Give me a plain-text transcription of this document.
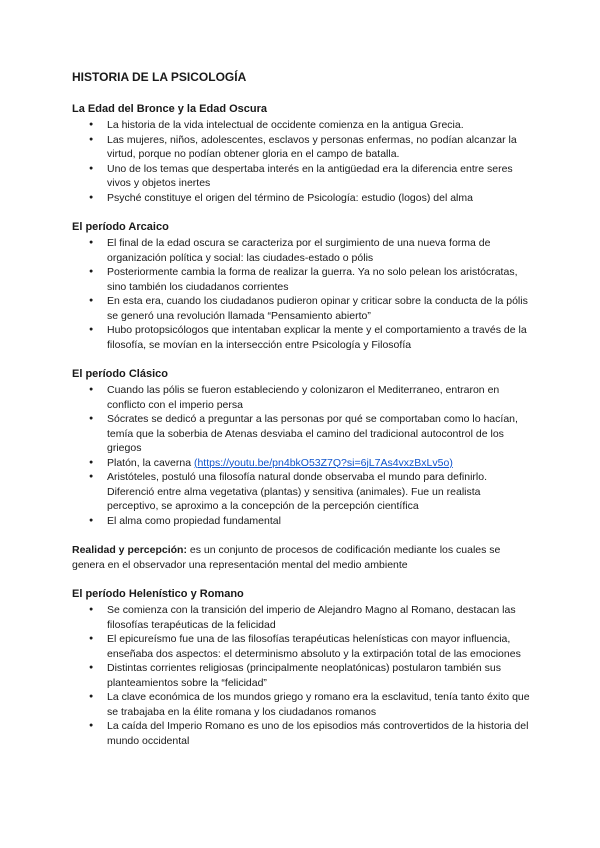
HISTORIA DE LA PSICOLOGÍA
La Edad del Bronce y la Edad Oscura
● La historia de la vida intelectual de occidente comienza en la antigua Grecia.
● Las mujeres, niños, adolescentes, esclavos y personas enfermas, no podían alcanzar la virtud, porque no podían obtener gloria en el campo de batalla.
● Uno de los temas que despertaba interés en la antigüedad era la diferencia entre seres vivos y objetos inertes
● Psyché constituye el origen del término de Psicología: estudio (logos) del alma
El período Arcaico
● El final de la edad oscura se caracteriza por el surgimiento de una nueva forma de organización política y social: las ciudades-estado o pólis
● Posteriormente cambia la forma de realizar la guerra. Ya no solo pelean los aristócratas, sino también los ciudadanos corrientes
● En esta era, cuando los ciudadanos pudieron opinar y criticar sobre la conducta de la pólis se generó una revolución llamada “Pensamiento abierto”
● Hubo protopsicólogos que intentaban explicar la mente y el comportamiento a través de la filosofía, se movían en la intersección entre Psicología y Filosofía
El período Clásico
● Cuando las pólis se fueron estableciendo y colonizaron el Mediterraneo, entraron en conflicto con el imperio persa
● Sócrates se dedicó a preguntar a las personas por qué se comportaban como lo hacían, temía que la soberbia de Atenas desviaba el camino del tradicional autocontrol de los griegos
● Platón, la caverna (https://youtu.be/pn4bkO53Z7Q?si=6jL7As4vxzBxLv5o)
● Aristóteles, postuló una filosofía natural donde observaba el mundo para definirlo. Diferenció entre alma vegetativa (plantas) y sensitiva (animales). Fue un realista perceptivo, se aproximo a la concepción de la percepción científica
● El alma como propiedad fundamental

Realidad y percepción: es un conjunto de procesos de codificación mediante los cuales se genera en el observador una representación mental del medio ambiente

El período Helenístico y Romano
● Se comienza con la transición del imperio de Alejandro Magno al Romano, destacan las filosofías terapéuticas de la felicidad
● El epicureísmo fue una de las filosofías terapéuticas helenísticas con mayor influencia, enseñaba dos aspectos: el determinismo absoluto y la extirpación total de las emociones
● Distintas corrientes religiosas (principalmente neoplatónicas) postularon también sus planteamientos sobre la “felicidad”
● La clave económica de los mundos griego y romano era la esclavitud, tenía tanto éxito que se trabajaba en la élite romana y los ciudadanos romanos
● La caída del Imperio Romano es uno de los episodios más controvertidos de la historia del mundo occidental
